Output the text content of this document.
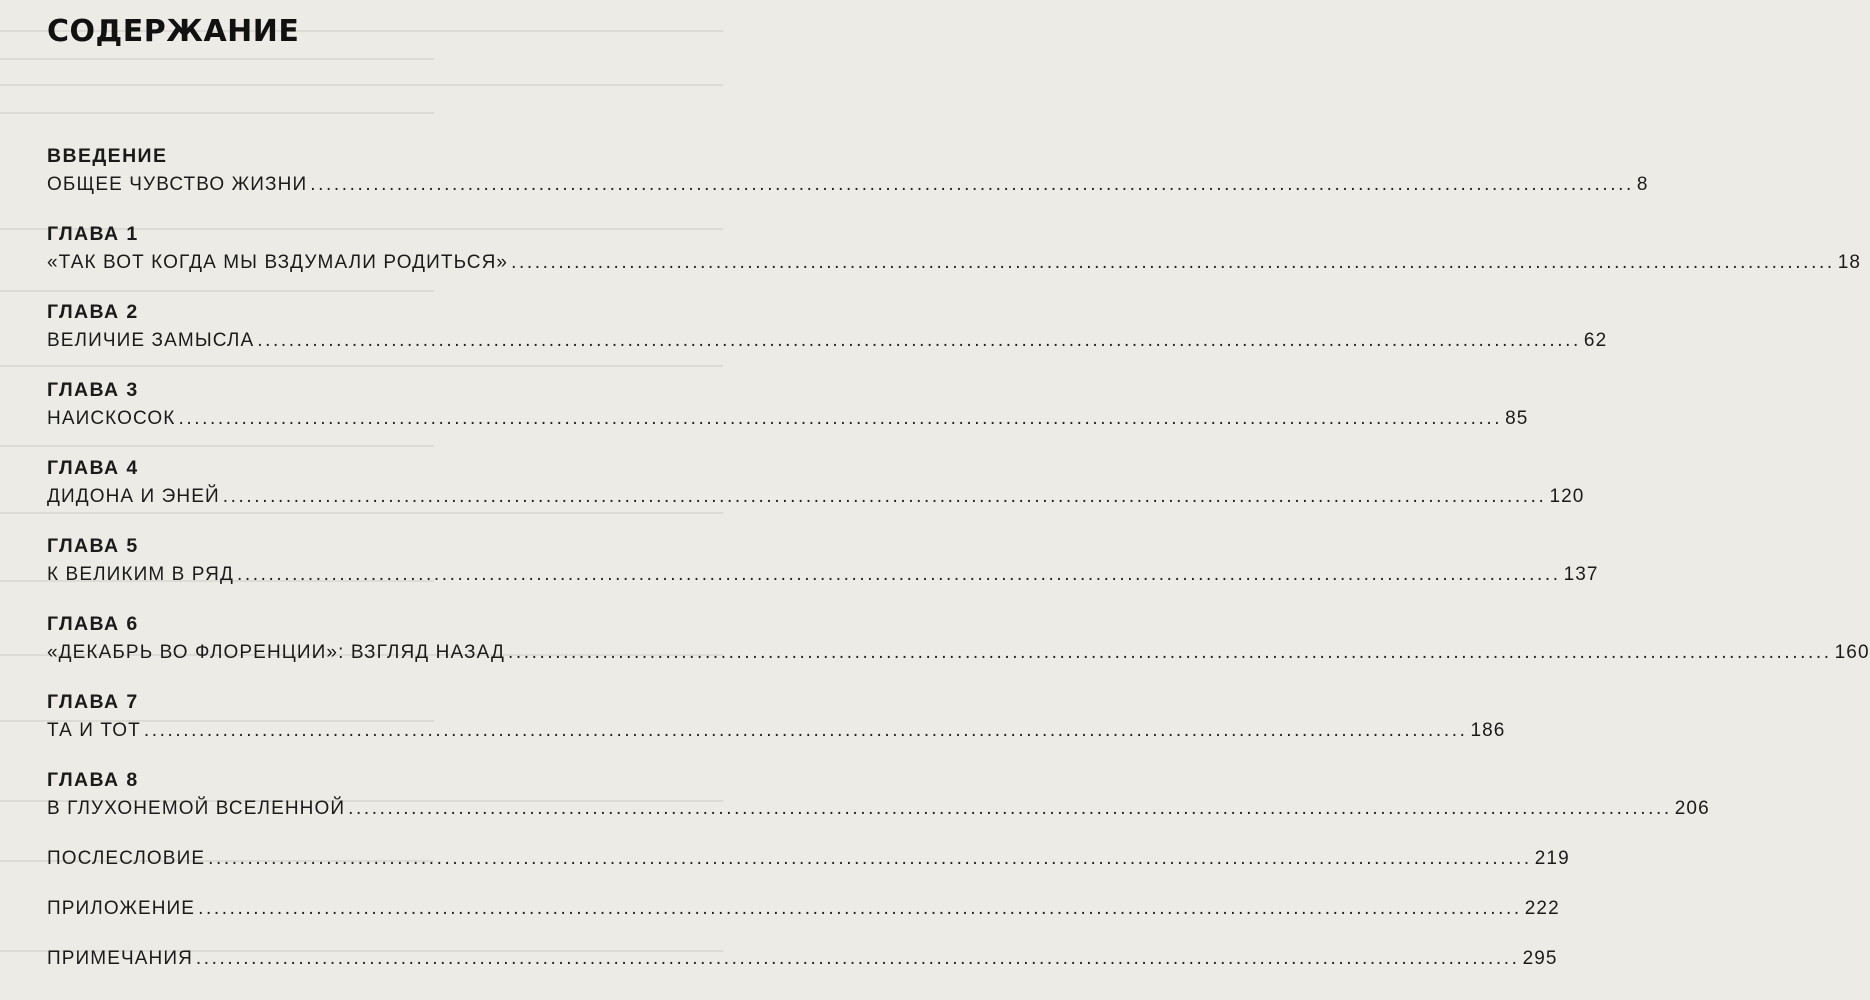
СОДЕРЖАНИЕ
ВВЕДЕНИЕ
ОБЩЕЕ ЧУВСТВО ЖИЗНИ ........................................................................................................................................................................ 8
ГЛАВА 1
«ТАК ВОТ КОГДА МЫ ВЗДУМАЛИ РОДИТЬСЯ» ........................................................................................................................................................................ 18
ГЛАВА 2
ВЕЛИЧИЕ ЗАМЫСЛА ........................................................................................................................................................................ 62
ГЛАВА 3
НАИСКОСОК ........................................................................................................................................................................ 85
ГЛАВА 4
ДИДОНА И ЭНЕЙ ........................................................................................................................................................................ 120
ГЛАВА 5
К ВЕЛИКИМ В РЯД ........................................................................................................................................................................ 137
ГЛАВА 6
«ДЕКАБРЬ ВО ФЛОРЕНЦИИ»: ВЗГЛЯД НАЗАД ........................................................................................................................................................................ 160
ГЛАВА 7
ТА И ТОТ ........................................................................................................................................................................ 186
ГЛАВА 8
В ГЛУХОНЕМОЙ ВСЕЛЕННОЙ ........................................................................................................................................................................ 206
ПОСЛЕСЛОВИЕ ........................................................................................................................................................................ 219
ПРИЛОЖЕНИЕ ........................................................................................................................................................................ 222
ПРИМЕЧАНИЯ ........................................................................................................................................................................ 295
